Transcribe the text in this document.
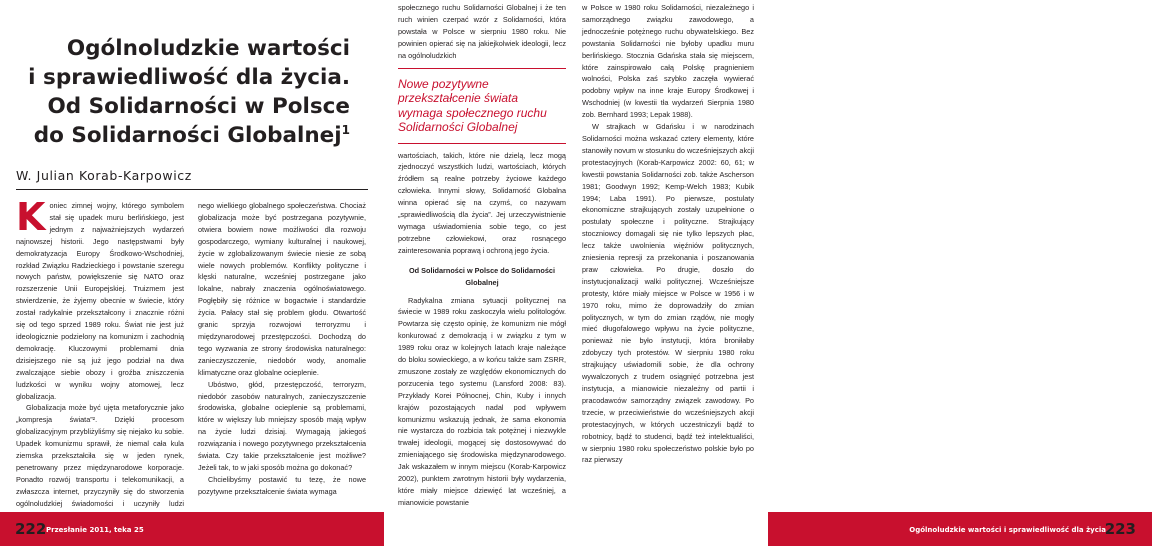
Ogólnoludzkie wartości
i sprawiedliwość dla życia.
Od Solidarności w Polsce
do Solidarności Globalnej$^1$
W. Julian Korab-Karpowicz

Koniec zimnej wojny, którego symbolem stał się upadek muru berlińskiego, jest jednym z najważniejszych wydarzeń najnowszej historii. Jego następstwami były demokratyzacja Europy Środkowo-Wschodniej, rozkład Związku Radzieckiego i powstanie szeregu nowych państw, powiększenie się NATO oraz rozszerzenie Unii Europejskiej. Truizmem jest stwierdzenie, że żyjemy obecnie w świecie, który został radykalnie przekształcony i znacznie różni się od tego sprzed 1989 roku. Świat nie jest już ideologicznie podzielony na komunizm i zachodnią demokrację. Kluczowymi problemami dnia dzisiejszego nie są już jego podział na dwa zwalczające siebie obozy i groźba zniszczenia ludzkości w wyniku wojny atomowej, lecz globalizacja.

Globalizacja może być ujęta metaforycznie jako „kompresja świata”². Dzięki procesom globalizacyjnym przybliżyliśmy się niejako ku sobie. Upadek komunizmu sprawił, że niemal cała kula ziemska przekształciła się w jeden rynek, penetrowany przez międzynarodowe korporacje. Ponadto rozwój transportu i telekomunikacji, a zwłaszcza internet, przyczyniły się do stworzenia ogólnoludzkiej świadomości i uczyniły ludzi

nego wielkiego globalnego społeczeństwa. Chociaż globalizacja może być postrzegana pozytywnie, otwiera bowiem nowe możliwości dla rozwoju gospodarczego, wymiany kulturalnej i naukowej, życie w zglobalizowanym świecie niesie ze sobą wiele nowych problemów. Konflikty polityczne i klęski naturalne, wcześniej postrzegane jako lokalne, nabrały znaczenia ogólnoświatowego. Pogłębiły się różnice w bogactwie i standardzie życia. Pałacy stał się problem głodu. Otwartość granic sprzyja rozwojowi terroryzmu i międzynarodowej przestępczości. Dochodzą do tego wyzwania ze strony środowiska naturalnego: zanieczyszczenie, niedobór wody, anomalie klimatyczne oraz globalne ocieplenie.

Ubóstwo, głód, przestępczość, terroryzm, niedobór zasobów naturalnych, zanieczyszczenie środowiska, globalne ocieplenie są problemami, które w większy lub mniejszy sposób mają wpływ na życie ludzi dzisiaj. Wymagają jakiegoś rozwiązania i nowego pozytywnego przekształcenia świata. Czy takie przekształcenie jest możliwe? Jeżeli tak, to w jaki sposób można go dokonać?

Chcielibyśmy postawić tu tezę, że nowe pozytywne przekształcenie świata wymaga

222 Przesłanie 2011, teka 25

społecznego ruchu Solidarności Globalnej i że ten ruch winien czerpać wzór z Solidarności, która powstała w Polsce w sierpniu 1980 roku. Nie powinien opierać się na jakiejkolwiek ideologii, lecz na ogólnoludzkich

Nowe pozytywne przekształcenie świata wymaga społecznego ruchu Solidarności Globalnej

wartościach, takich, które nie dzielą, lecz mogą zjednoczyć wszystkich ludzi, wartościach, których źródłem są realne potrzeby życiowe każdego człowieka. Innymi słowy, Solidarność Globalna winna opierać się na czymś, co nazywam „sprawiedliwością dla życia”. Jej urzeczywistnienie wymaga uświadomienia sobie tego, co jest potrzebne człowiekowi, oraz rosnącego zainteresowania poprawą i ochroną jego życia.

Od Solidarności w Polsce do Solidarności Globalnej

Radykalna zmiana sytuacji politycznej na świecie w 1989 roku zaskoczyła wielu politologów. Powtarza się często opinię, że komunizm nie mógł konkurować z demokracją i w związku z tym w 1989 roku oraz w kolejnych latach kraje należące do bloku sowieckiego, a w końcu także sam ZSRR, zmuszone zostały ze względów ekonomicznych do porzucenia tego systemu (Lansford 2008: 83). Przykłady Korei Północnej, Chin, Kuby i innych krajów pozostających nadal pod wpływem komunizmu wskazują jednak, że sama ekonomia nie wystarcza do rozbicia tak potężnej i niezwykle trwałej ideologii, mogącej się dostosowywać do zmieniającego się środowiska międzynarodowego. Jak wskazałem w innym miejscu (Korab-Karpowicz 2002), punktem zwrotnym historii były wydarzenia, które miały miejsce dziewięć lat wcześniej, a mianowicie powstanie

w Polsce w 1980 roku Solidarności, niezależnego i samorządnego związku zawodowego, a jednocześnie potężnego ruchu obywatelskiego. Bez powstania Solidarności nie byłoby upadku muru berlińskiego. Stocznia Gdańska stała się miejscem, które zainspirowało całą Polskę pragnieniem wolności, Polska zaś szybko zaczęła wywierać podobny wpływ na inne kraje Europy Środkowej i Wschodniej (w kwestii tła wydarzeń Sierpnia 1980 zob. Bernhard 1993; Lepak 1988).

W strajkach w Gdańsku i w narodzinach Solidarności można wskazać cztery elementy, które stanowiły novum w stosunku do wcześniejszych akcji protestacyjnych (Korab-Karpowicz 2002: 60, 61; w kwestii powstania Solidarności zob. także Ascherson 1981; Goodwyn 1992; Kemp-Welch 1983; Kubik 1994; Laba 1991). Po pierwsze, postulaty ekonomiczne strajkujących zostały uzupełnione o postulaty społeczne i polityczne. Strajkujący stoczniowcy domagali się nie tylko lepszych płac, lecz także uwolnienia więźniów politycznych, zniesienia represji za przekonania i poszanowania praw człowieka. Po drugie, doszło do instytucjonalizacji walki politycznej. Wcześniejsze protesty, które miały miejsce w Polsce w 1956 i w 1970 roku, mimo że doprowadziły do zmian politycznych, w tym do zmian rządów, nie mogły mieć długofalowego wpływu na życie polityczne, ponieważ nie było instytucji, która broniłaby zdobyczy tych protestów. W sierpniu 1980 roku strajkujący uświadomili sobie, że dla ochrony wywalczonych z trudem osiągnięć potrzebna jest instytucja, a mianowicie niezależny od partii i pracodawców samorządny związek zawodowy. Po trzecie, w przeciwieństwie do wcześniejszych akcji protestacyjnych, w których uczestniczyli bądź to robotnicy, bądź to studenci, bądź też intelektualiści, w sierpniu 1980 roku społeczeństwo polskie było po raz pierwszy

Ogólnoludzkie wartości i sprawiedliwość dla życia
223
